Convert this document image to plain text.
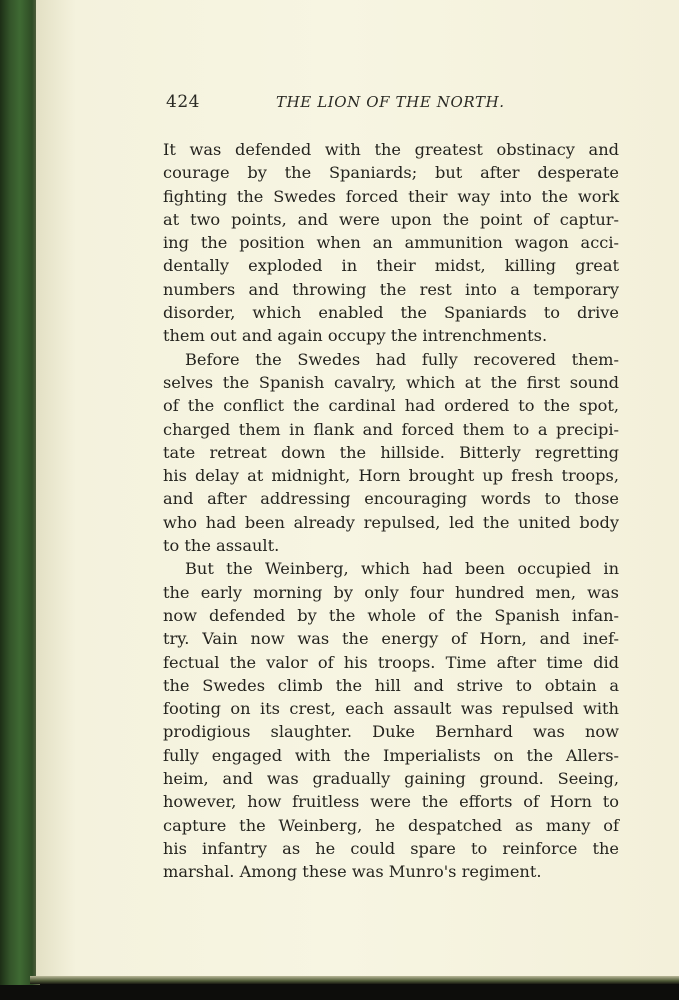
424	THE LION OF THE NORTH.
It was defended with the greatest obstinacy and
courage by the Spaniards; but after desperate
fighting the Swedes forced their way into the work
at two points, and were upon the point of captur-
ing the position when an ammunition wagon acci-
dentally exploded in their midst, killing great
numbers and throwing the rest into a temporary
disorder, which enabled the Spaniards to drive
them out and again occupy the intrenchments.
Before the Swedes had fully recovered them-
selves the Spanish cavalry, which at the first sound
of the conflict the cardinal had ordered to the spot,
charged them in flank and forced them to a precipi-
tate retreat down the hillside. Bitterly regretting
his delay at midnight, Horn brought up fresh troops,
and after addressing encouraging words to those
who had been already repulsed, led the united body
to the assault.
But the Weinberg, which had been occupied in
the early morning by only four hundred men, was
now defended by the whole of the Spanish infan-
try. Vain now was the energy of Horn, and inef-
fectual the valor of his troops. Time after time did
the Swedes climb the hill and strive to obtain a
footing on its crest, each assault was repulsed with
prodigious slaughter. Duke Bernhard was now
fully engaged with the Imperialists on the Allers-
heim, and was gradually gaining ground. Seeing,
however, how fruitless were the efforts of Horn to
capture the Weinberg, he despatched as many of
his infantry as he could spare to reinforce the
marshal. Among these was Munro's regiment.
